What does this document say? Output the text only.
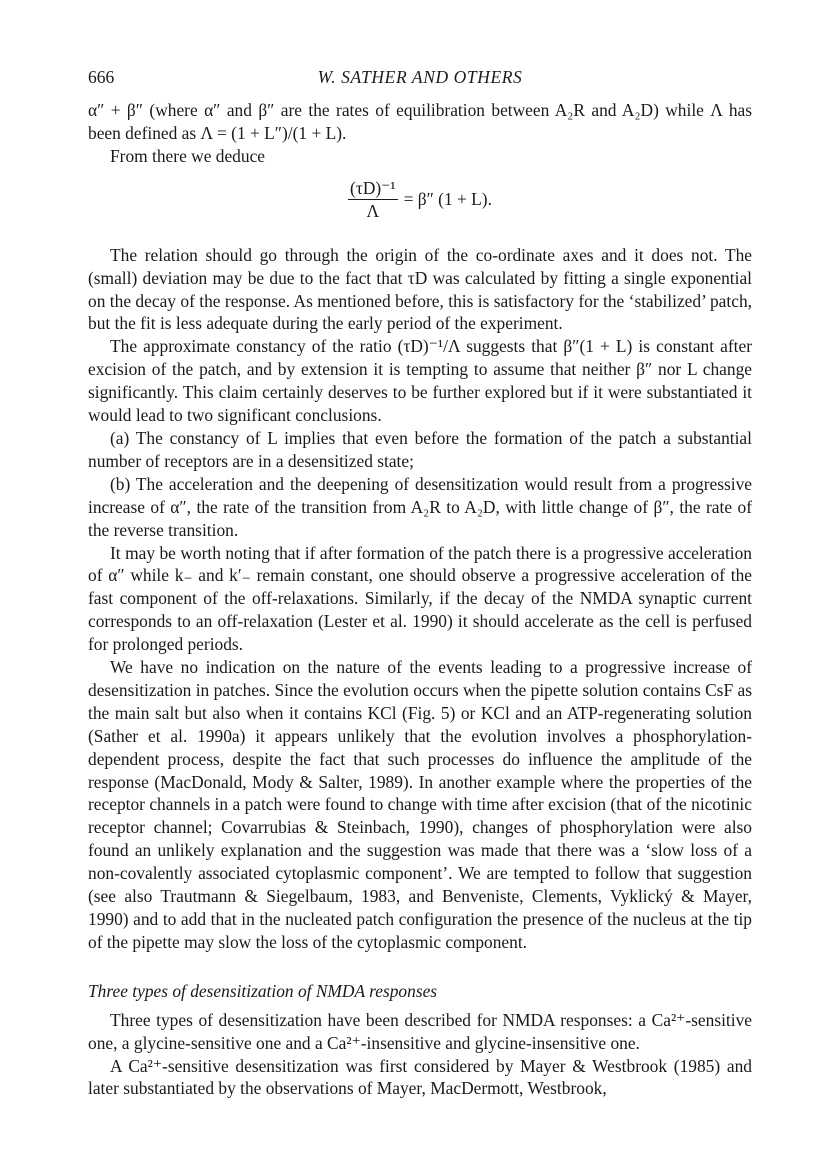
666	W. SATHER AND OTHERS

α″ + β″ (where α″ and β″ are the rates of equilibration between A₂R and A₂D) while Λ has been defined as Λ = (1 + L″)/(1 + L).

From there we deduce

$\frac{\text{(τD)⁻¹}}{\Lambda} = \beta''$ (1 + L).

The relation should go through the origin of the co-ordinate axes and it does not. The (small) deviation may be due to the fact that τD was calculated by fitting a single exponential on the decay of the response. As mentioned before, this is satisfactory for the ‘stabilized’ patch, but the fit is less adequate during the early period of the experiment.

The approximate constancy of the ratio (τD)⁻¹/Λ suggests that β″(1 + L) is constant after excision of the patch, and by extension it is tempting to assume that neither β″ nor L change significantly. This claim certainly deserves to be further explored but if it were substantiated it would lead to two significant conclusions.

(a) The constancy of L implies that even before the formation of the patch a substantial number of receptors are in a desensitized state;

(b) The acceleration and the deepening of desensitization would result from a progressive increase of α″, the rate of the transition from A₂R to A₂D, with little change of β″, the rate of the reverse transition.

It may be worth noting that if after formation of the patch there is a progressive acceleration of α″ while k₋ and k′₋ remain constant, one should observe a progressive acceleration of the fast component of the off-relaxations. Similarly, if the decay of the NMDA synaptic current corresponds to an off-relaxation (Lester et al. 1990) it should accelerate as the cell is perfused for prolonged periods.

We have no indication on the nature of the events leading to a progressive increase of desensitization in patches. Since the evolution occurs when the pipette solution contains CsF as the main salt but also when it contains KCl (Fig. 5) or KCl and an ATP-regenerating solution (Sather et al. 1990a) it appears unlikely that the evolution involves a phosphorylation-dependent process, despite the fact that such processes do influence the amplitude of the response (MacDonald, Mody & Salter, 1989). In another example where the properties of the receptor channels in a patch were found to change with time after excision (that of the nicotinic receptor channel; Covarrubias & Steinbach, 1990), changes of phosphorylation were also found an unlikely explanation and the suggestion was made that there was a ‘slow loss of a non-covalently associated cytoplasmic component’. We are tempted to follow that suggestion (see also Trautmann & Siegelbaum, 1983, and Benveniste, Clements, Vyklický & Mayer, 1990) and to add that in the nucleated patch configuration the presence of the nucleus at the tip of the pipette may slow the loss of the cytoplasmic component.

Three types of desensitization of NMDA responses

Three types of desensitization have been described for NMDA responses: a Ca²⁺-sensitive one, a glycine-sensitive one and a Ca²⁺-insensitive and glycine-insensitive one.

A Ca²⁺-sensitive desensitization was first considered by Mayer & Westbrook (1985) and later substantiated by the observations of Mayer, MacDermott, Westbrook,
